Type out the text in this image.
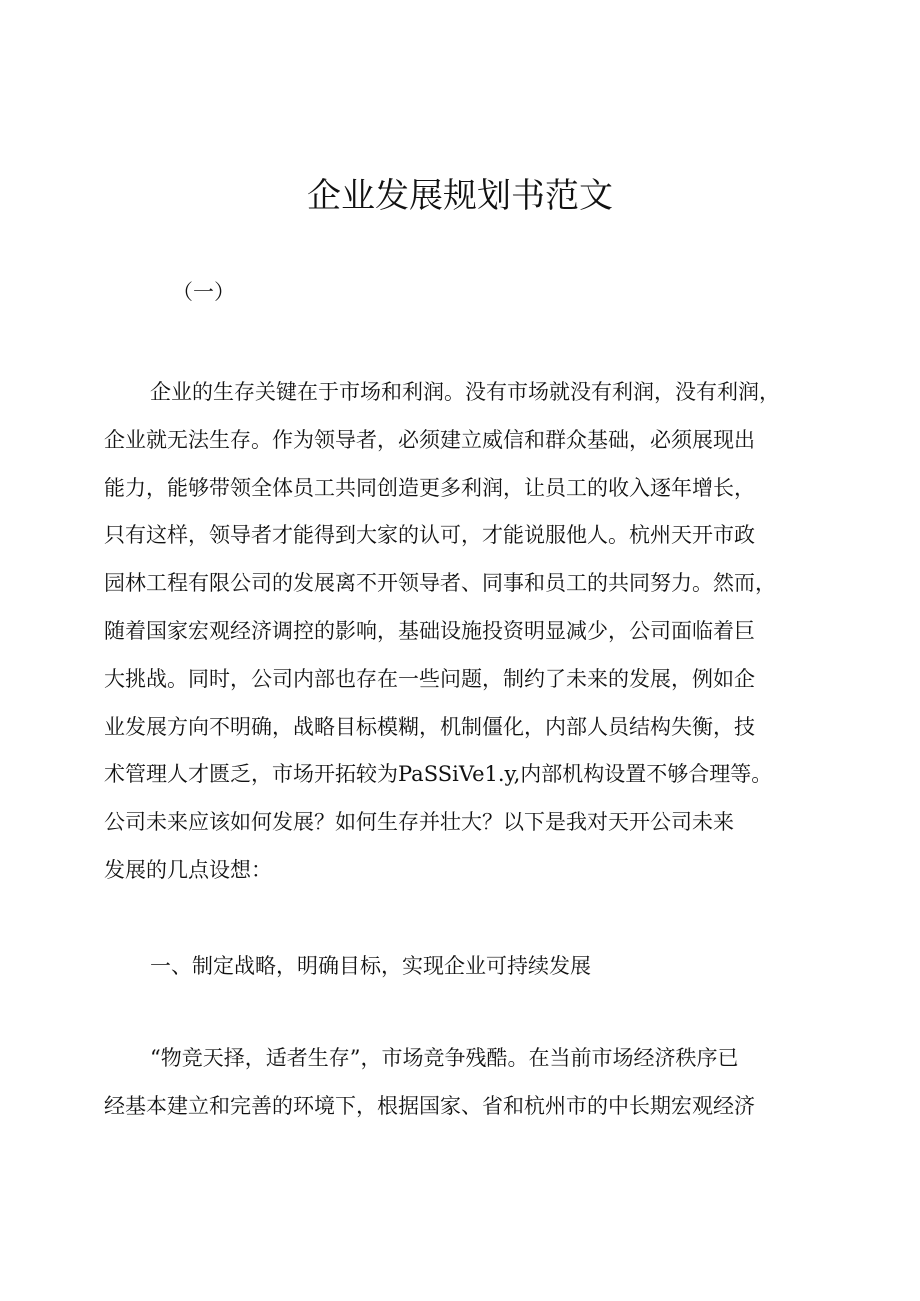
企业发展规划书范文
（一）
企业的生存关键在于市场和利润。没有市场就没有利润，没有利润，
企业就无法生存。作为领导者，必须建立威信和群众基础，必须展现出
能力，能够带领全体员工共同创造更多利润，让员工的收入逐年增长，
只有这样，领导者才能得到大家的认可，才能说服他人。杭州天开市政
园林工程有限公司的发展离不开领导者、同事和员工的共同努力。然而，
随着国家宏观经济调控的影响，基础设施投资明显减少，公司面临着巨
大挑战。同时，公司内部也存在一些问题，制约了未来的发展，例如企
业发展方向不明确，战略目标模糊，机制僵化，内部人员结构失衡，技
术管理人才匮乏，市场开拓较为PaSSiVe1.y,内部机构设置不够合理等。
公司未来应该如何发展？如何生存并壮大？以下是我对天开公司未来
发展的几点设想：
一、制定战略，明确目标，实现企业可持续发展
“物竞天择，适者生存”，市场竞争残酷。在当前市场经济秩序已
经基本建立和完善的环境下，根据国家、省和杭州市的中长期宏观经济
